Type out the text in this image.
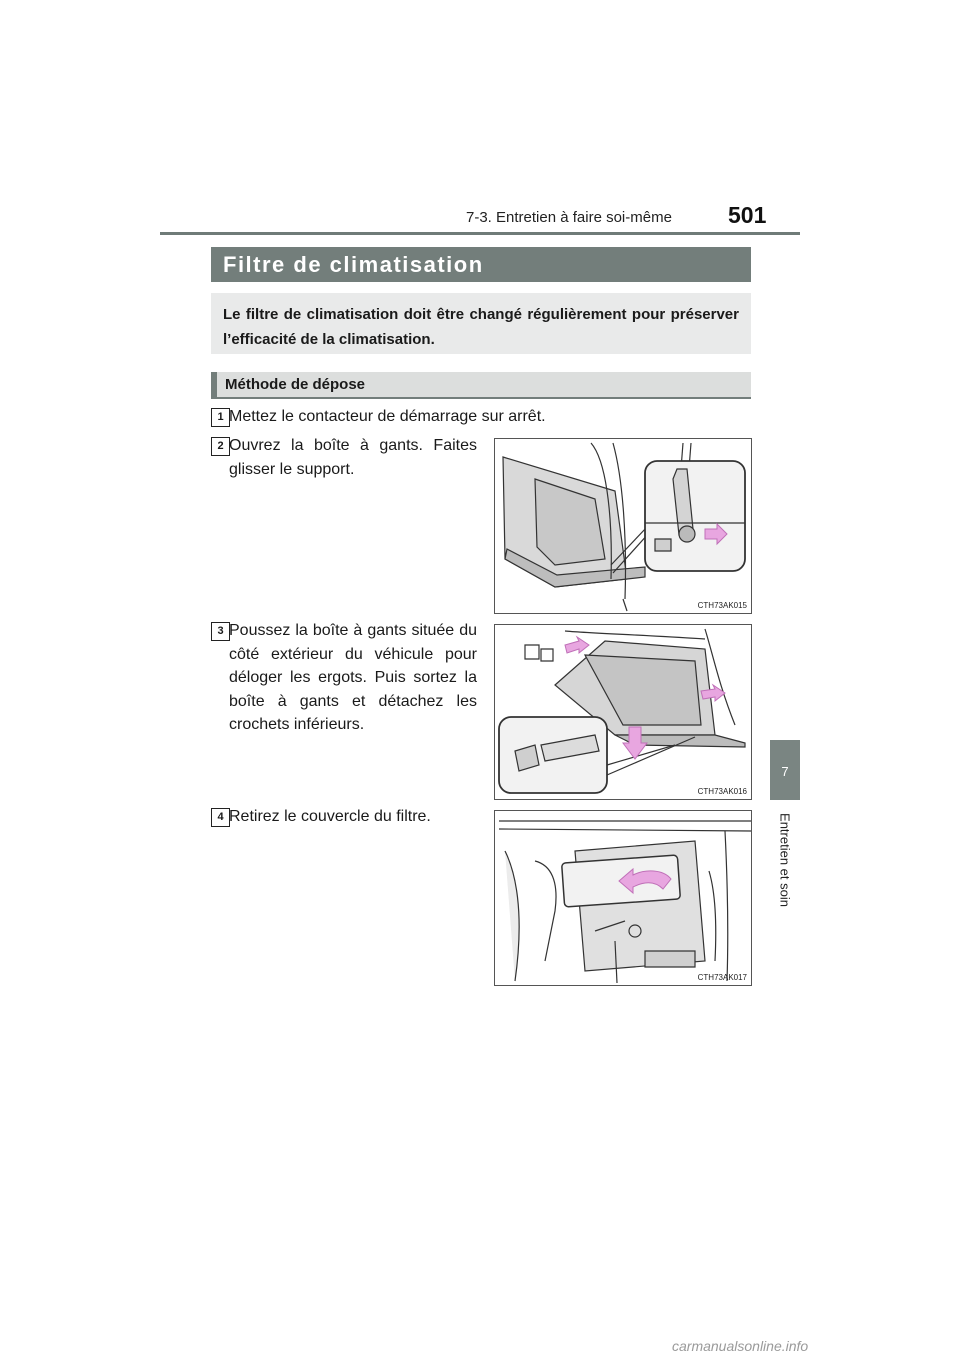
7-3. Entretien à faire soi-même 501
7
Entretien et soin
Filtre de climatisation
Le filtre de climatisation doit être changé régulièrement pour préserver l’efficacité de la climatisation.
Méthode de dépose
1 Mettez le contacteur de démarrage sur arrêt.
2 Ouvrez la boîte à gants. Faites glisser le support.
CTH73AK015
3 Poussez la boîte à gants située du côté extérieur du véhicule pour déloger les ergots. Puis sortez la boîte à gants et détachez les crochets inférieurs.
CTH73AK016
4 Retirez le couvercle du filtre.
CTH73AK017
carmanualsonline.info
